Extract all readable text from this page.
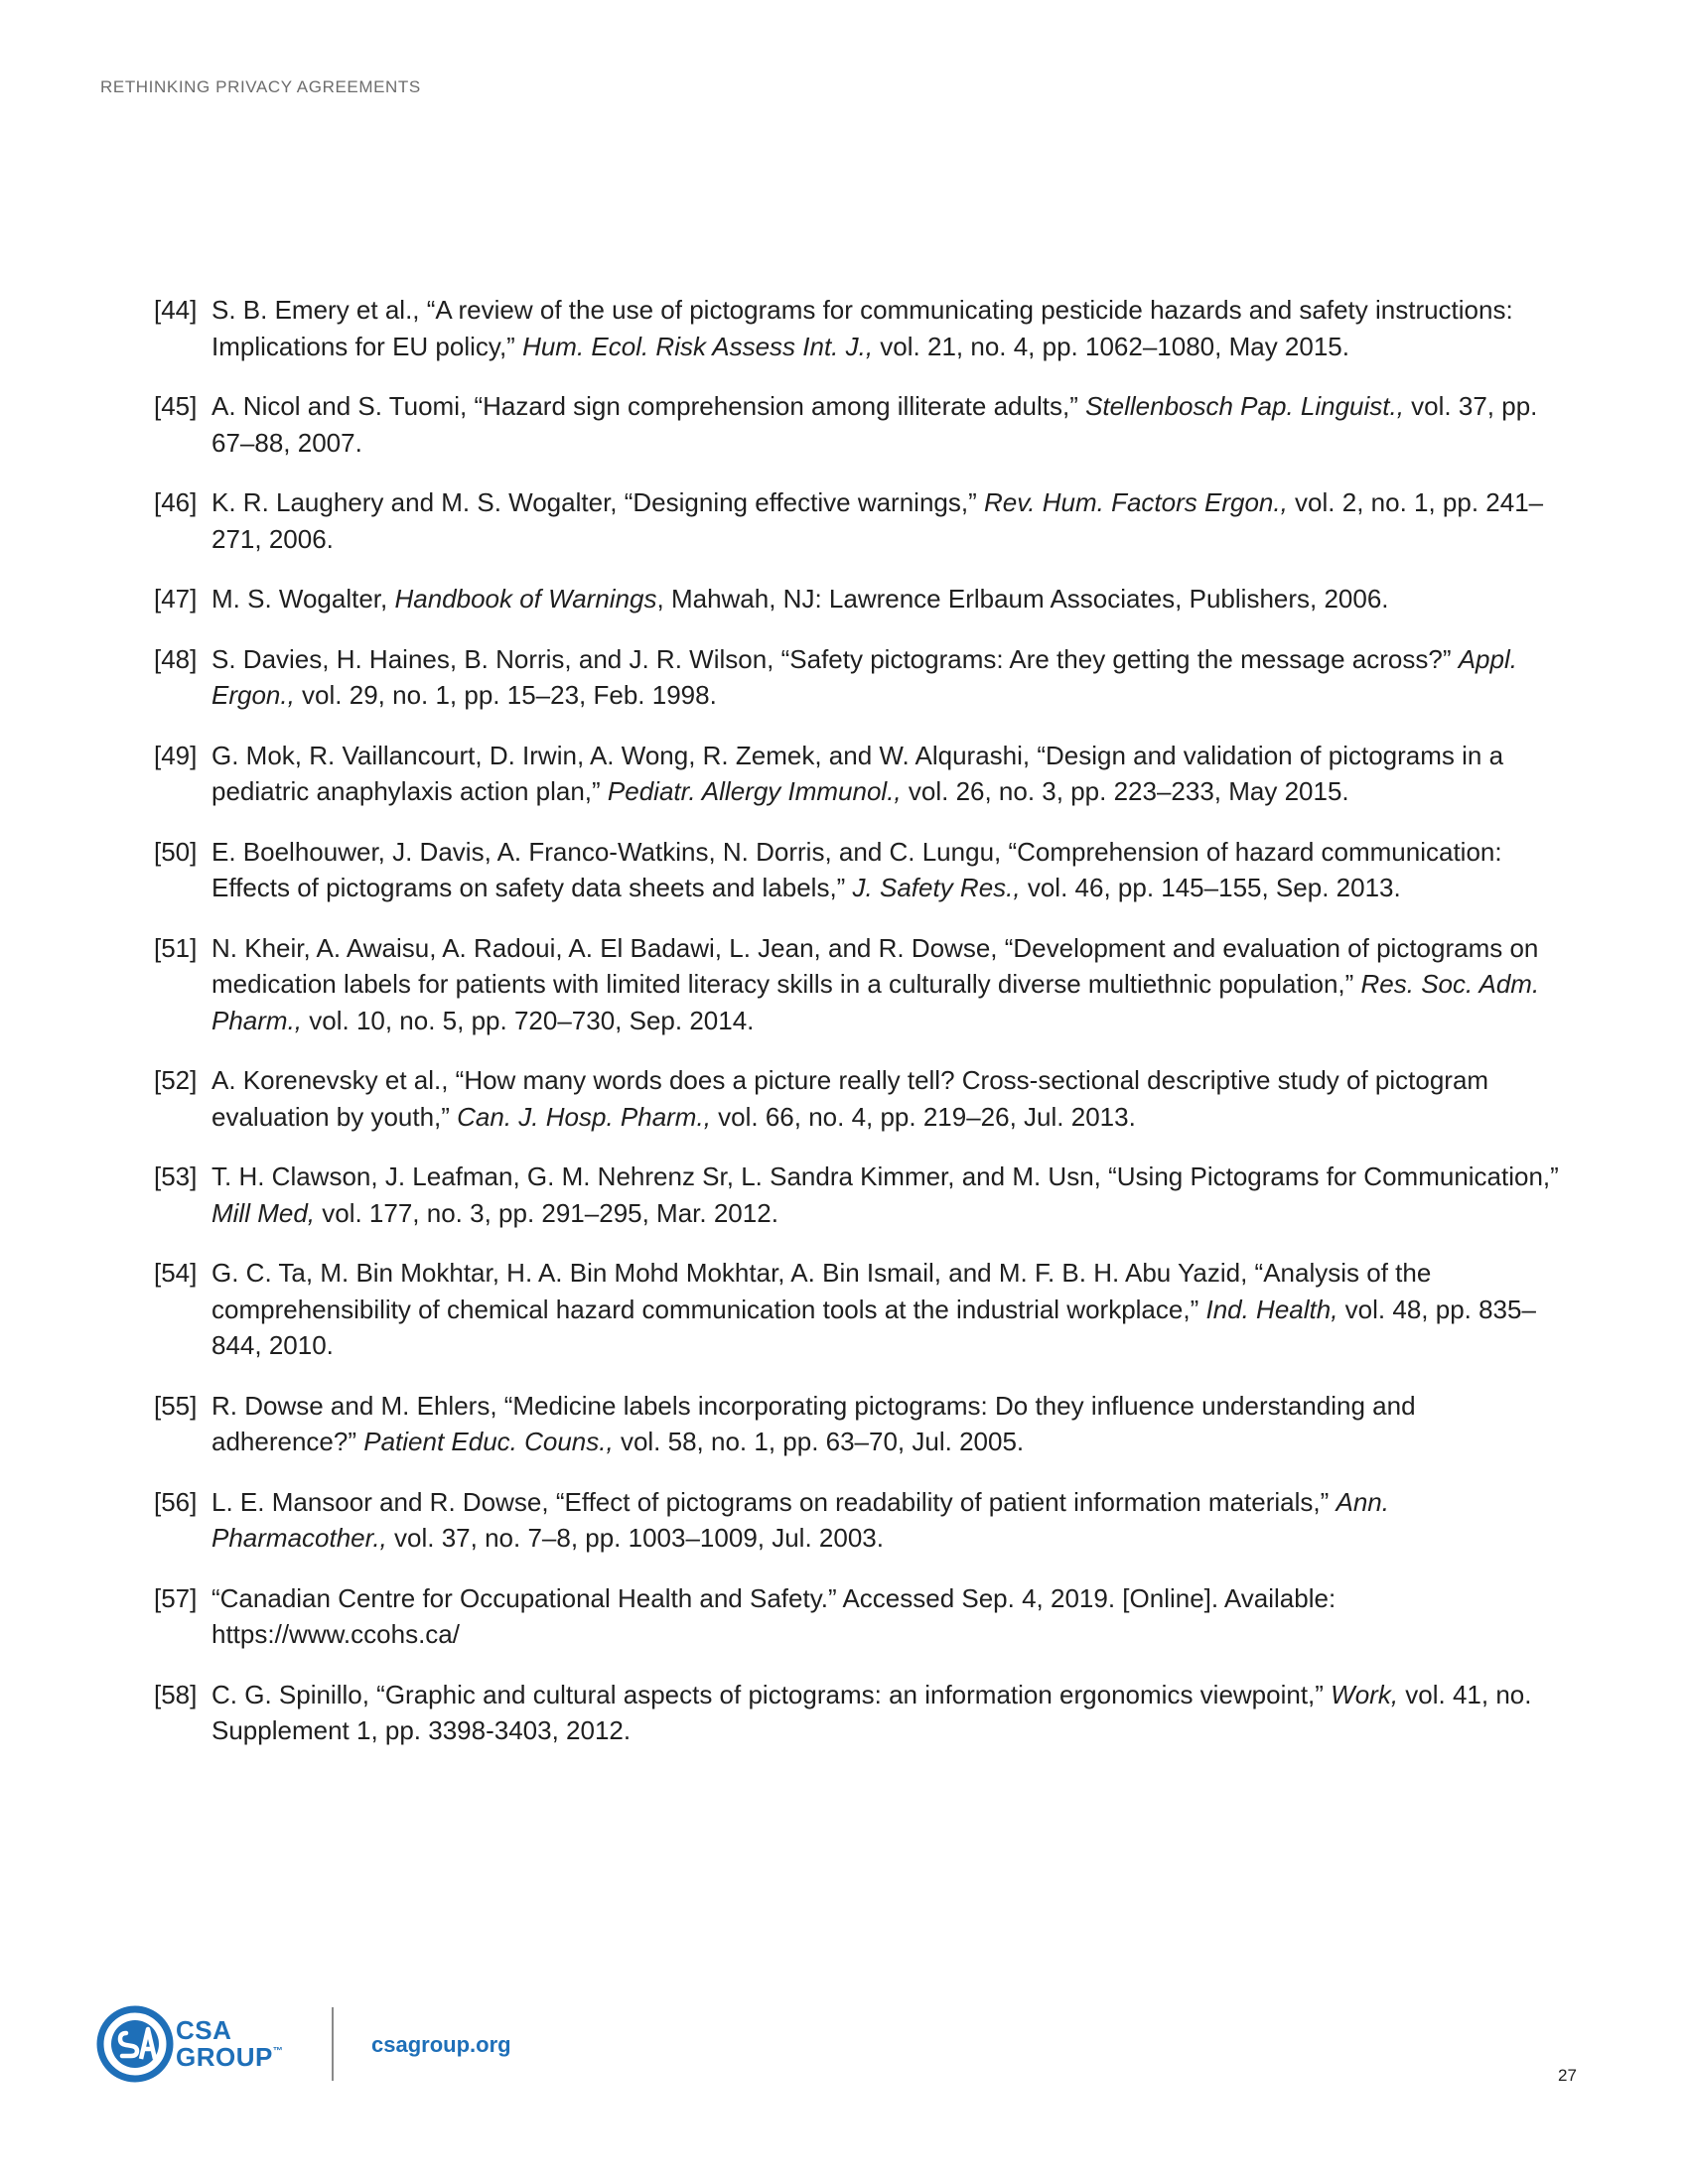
RETHINKING PRIVACY AGREEMENTS
[44] S. B. Emery et al., “A review of the use of pictograms for communicating pesticide hazards and safety instructions: Implications for EU policy,” Hum. Ecol. Risk Assess Int. J., vol. 21, no. 4, pp. 1062–1080, May 2015.
[45] A. Nicol and S. Tuomi, “Hazard sign comprehension among illiterate adults,” Stellenbosch Pap. Linguist., vol. 37, pp. 67–88, 2007.
[46] K. R. Laughery and M. S. Wogalter, “Designing effective warnings,” Rev. Hum. Factors Ergon., vol. 2, no. 1, pp. 241–271, 2006.
[47] M. S. Wogalter, Handbook of Warnings, Mahwah, NJ: Lawrence Erlbaum Associates, Publishers, 2006.
[48] S. Davies, H. Haines, B. Norris, and J. R. Wilson, “Safety pictograms: Are they getting the message across?” Appl. Ergon., vol. 29, no. 1, pp. 15–23, Feb. 1998.
[49] G. Mok, R. Vaillancourt, D. Irwin, A. Wong, R. Zemek, and W. Alqurashi, “Design and validation of pictograms in a pediatric anaphylaxis action plan,” Pediatr. Allergy Immunol., vol. 26, no. 3, pp. 223–233, May 2015.
[50] E. Boelhouwer, J. Davis, A. Franco-Watkins, N. Dorris, and C. Lungu, “Comprehension of hazard communication: Effects of pictograms on safety data sheets and labels,” J. Safety Res., vol. 46, pp. 145–155, Sep. 2013.
[51] N. Kheir, A. Awaisu, A. Radoui, A. El Badawi, L. Jean, and R. Dowse, “Development and evaluation of pictograms on medication labels for patients with limited literacy skills in a culturally diverse multiethnic population,” Res. Soc. Adm. Pharm., vol. 10, no. 5, pp. 720–730, Sep. 2014.
[52] A. Korenevsky et al., “How many words does a picture really tell? Cross-sectional descriptive study of pictogram evaluation by youth,” Can. J. Hosp. Pharm., vol. 66, no. 4, pp. 219–26, Jul. 2013.
[53] T. H. Clawson, J. Leafman, G. M. Nehrenz Sr, L. Sandra Kimmer, and M. Usn, “Using Pictograms for Communication,” Mill Med, vol. 177, no. 3, pp. 291–295, Mar. 2012.
[54] G. C. Ta, M. Bin Mokhtar, H. A. Bin Mohd Mokhtar, A. Bin Ismail, and M. F. B. H. Abu Yazid, “Analysis of the comprehensibility of chemical hazard communication tools at the industrial workplace,” Ind. Health, vol. 48, pp. 835–844, 2010.
[55] R. Dowse and M. Ehlers, “Medicine labels incorporating pictograms: Do they influence understanding and adherence?” Patient Educ. Couns., vol. 58, no. 1, pp. 63–70, Jul. 2005.
[56] L. E. Mansoor and R. Dowse, “Effect of pictograms on readability of patient information materials,” Ann. Pharmacother., vol. 37, no. 7–8, pp. 1003–1009, Jul. 2003.
[57] “Canadian Centre for Occupational Health and Safety.” Accessed Sep. 4, 2019. [Online]. Available: https://www.ccohs.ca/
[58] C. G. Spinillo, “Graphic and cultural aspects of pictograms: an information ergonomics viewpoint,” Work, vol. 41, no. Supplement 1, pp. 3398-3403, 2012.
CSA
GROUP™	csagroup.org
27
